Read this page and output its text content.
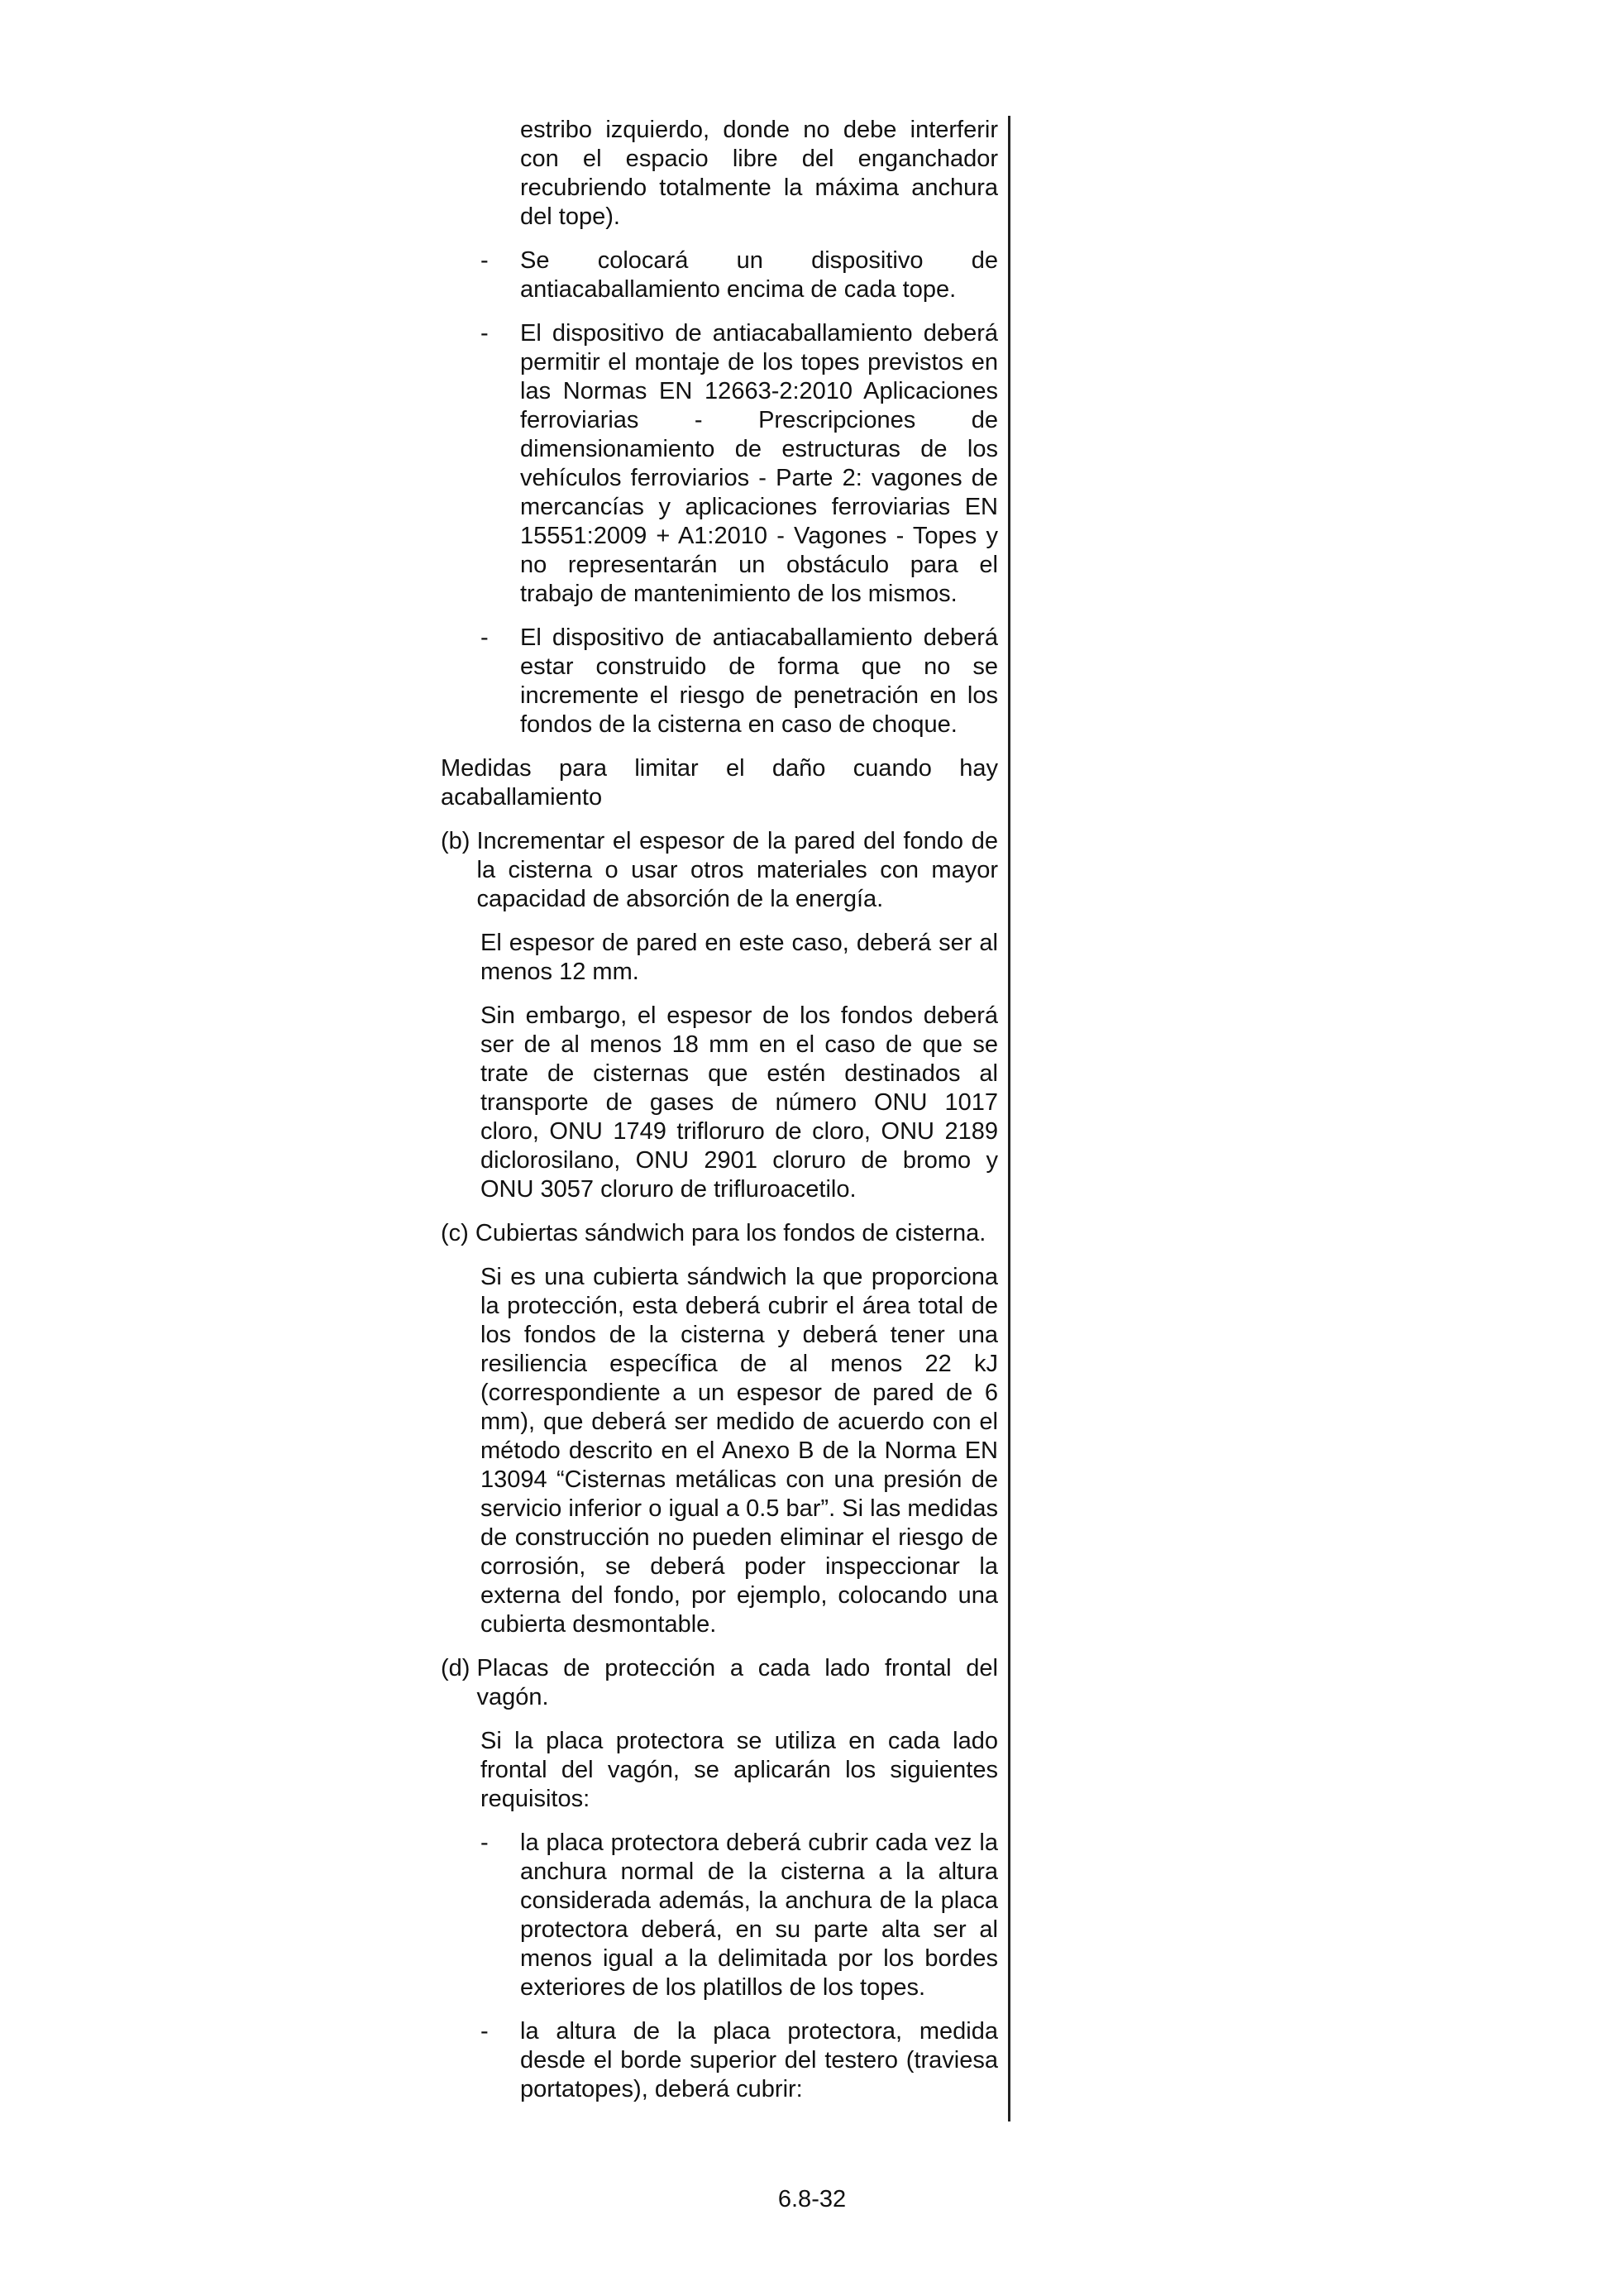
estribo izquierdo, donde no debe interferir con el espacio libre del enganchador recubriendo totalmente la máxima anchura del tope).

-	Se colocará un dispositivo de antiacaballamiento encima de cada tope.
-	El dispositivo de antiacaballamiento deberá permitir el montaje de los topes previstos en las Normas EN 12663-2:2010 Aplicaciones ferroviarias - Prescripciones de dimensionamiento de estructuras de los vehículos ferroviarios - Parte 2: vagones de mercancías y aplicaciones ferroviarias EN 15551:2009 + A1:2010 - Vagones - Topes y no representarán un obstáculo para el trabajo de mantenimiento de los mismos.
-	El dispositivo de antiacaballamiento deberá estar construido de forma que no se incremente el riesgo de penetración en los fondos de la cisterna en caso de choque.

Medidas para limitar el daño cuando hay acaballamiento

(b) Incrementar el espesor de la pared del fondo de la cisterna o usar otros materiales con mayor capacidad de absorción de la energía.

El espesor de pared en este caso, deberá ser al menos 12 mm.

Sin embargo, el espesor de los fondos deberá ser de al menos 18 mm en el caso de que se trate de cisternas que estén destinados al transporte de gases de número ONU 1017 cloro, ONU 1749 trifloruro de cloro, ONU 2189 diclorosilano, ONU 2901 cloruro de bromo y ONU 3057 cloruro de trifluroacetilo.

(c) Cubiertas sándwich para los fondos de cisterna.

Si es una cubierta sándwich la que proporciona la protección, esta deberá cubrir el área total de los fondos de la cisterna y deberá tener una resiliencia específica de al menos 22 kJ (correspondiente a un espesor de pared de 6 mm), que deberá ser medido de acuerdo con el método descrito en el Anexo B de la Norma EN 13094 “Cisternas metálicas con una presión de servicio inferior o igual a 0.5 bar”. Si las medidas de construcción no pueden eliminar el riesgo de corrosión, se deberá poder inspeccionar la externa del fondo, por ejemplo, colocando una cubierta desmontable.

(d) Placas de protección a cada lado frontal del vagón.

Si la placa protectora se utiliza en cada lado frontal del vagón, se aplicarán los siguientes requisitos:

-	la placa protectora deberá cubrir cada vez la anchura normal de la cisterna a la altura considerada además, la anchura de la placa protectora deberá, en su parte alta ser al menos igual a la delimitada por los bordes exteriores de los platillos de los topes.
-	la altura de la placa protectora, medida desde el borde superior del testero (traviesa portatopes), deberá cubrir:
6.8-32
